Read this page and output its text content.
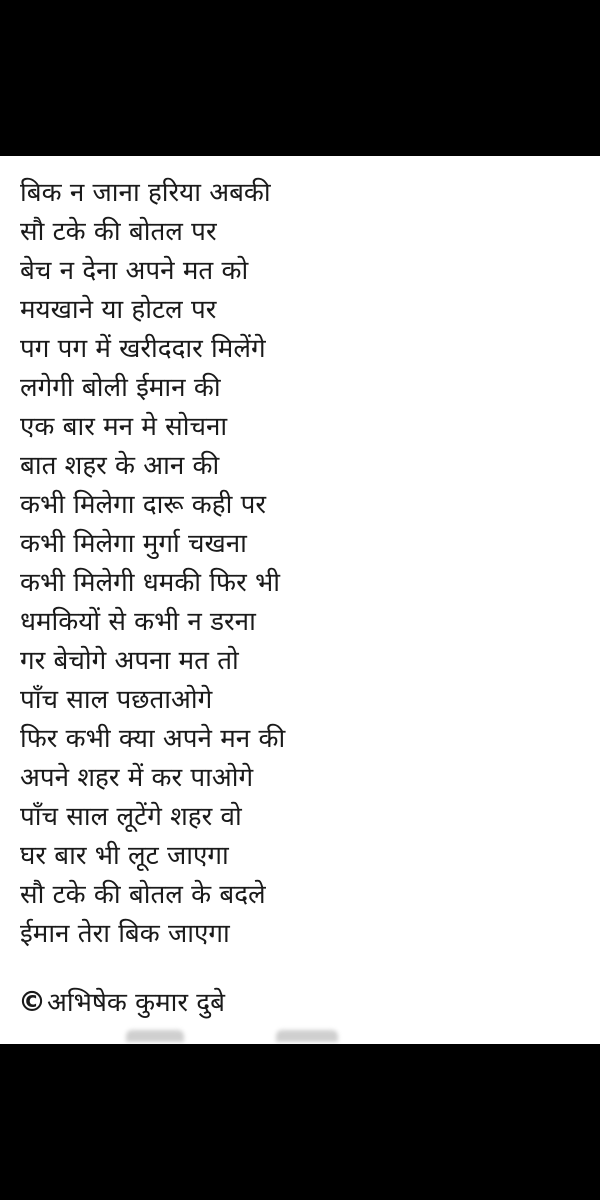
बिक न जाना हरिया अबकी
सौ टके की बोतल पर
बेच न देना अपने मत को
मयखाने या होटल पर
पग पग में खरीददार मिलेंगे
लगेगी बोली ईमान की
एक बार मन मे सोचना
बात शहर के आन की
कभी मिलेगा दारू कही पर
कभी मिलेगा मुर्गा चखना
कभी मिलेगी धमकी फिर भी
धमकियों से कभी न डरना
गर बेचोगे अपना मत तो
पाँच साल पछताओगे
फिर कभी क्या अपने मन की
अपने शहर में कर पाओगे
पाँच साल लूटेंगे शहर वो
घर बार भी लूट जाएगा
सौ टके की बोतल के बदले
ईमान तेरा बिक जाएगा
©अभिषेक कुमार दुबे
